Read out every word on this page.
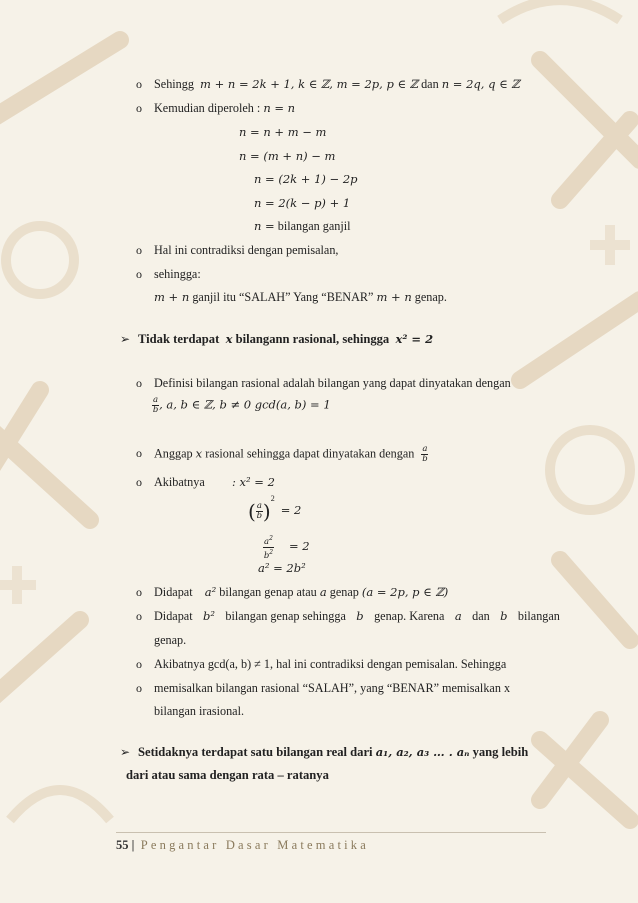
o Sehingg m + n = 2k + 1, k ∈ ℤ, m = 2p, p ∈ ℤ dan n = 2q, q ∈ ℤ
o Kemudian diperoleh : n = n
n = n + m − m
n = (m + n) − m
n = (2k + 1) − 2p
n = 2(k − p) + 1
n = bilangan ganjil
o Hal ini contradiksi dengan pemisalan,
o sehingga:
m + n ganjil itu “SALAH” Yang “BENAR” m + n genap.
➢ Tidak terdapat x bilangann rasional, sehingga x² = 2
o Definisi bilangan rasional adalah bilangan yang dapat dinyatakan dengan
$\frac{a}{b}$ , a, b ∈ ℤ, b ≠ 0 gcd(a, b) = 1
o Anggap x rasional sehingga dapat dinyatakan dengan $\frac{a}{b}$
o Akibatnya : x² = 2
( $\frac{a}{b} )^2 = 2$
$\frac{a^2}{b^2} = 2$
a² = 2b²
o Didapat a² bilangan genap atau a genap (a = 2p, p ∈ ℤ)
o Didapat b² bilangan genap sehingga b genap. Karena a dan b bilangan
genap.
o Akibatnya gcd(a, b) ≠ 1, hal ini contradiksi dengan pemisalan. Sehingga
o memisalkan bilangan rasional “SALAH”, yang “BENAR” memisalkan x
bilangan irasional.
➢ Setidaknya terdapat satu bilangan real dari a₁, a₂, a₃ … . aₙ yang lebih
dari atau sama dengan rata – ratanya
55 | Pengantar Dasar Matematika
